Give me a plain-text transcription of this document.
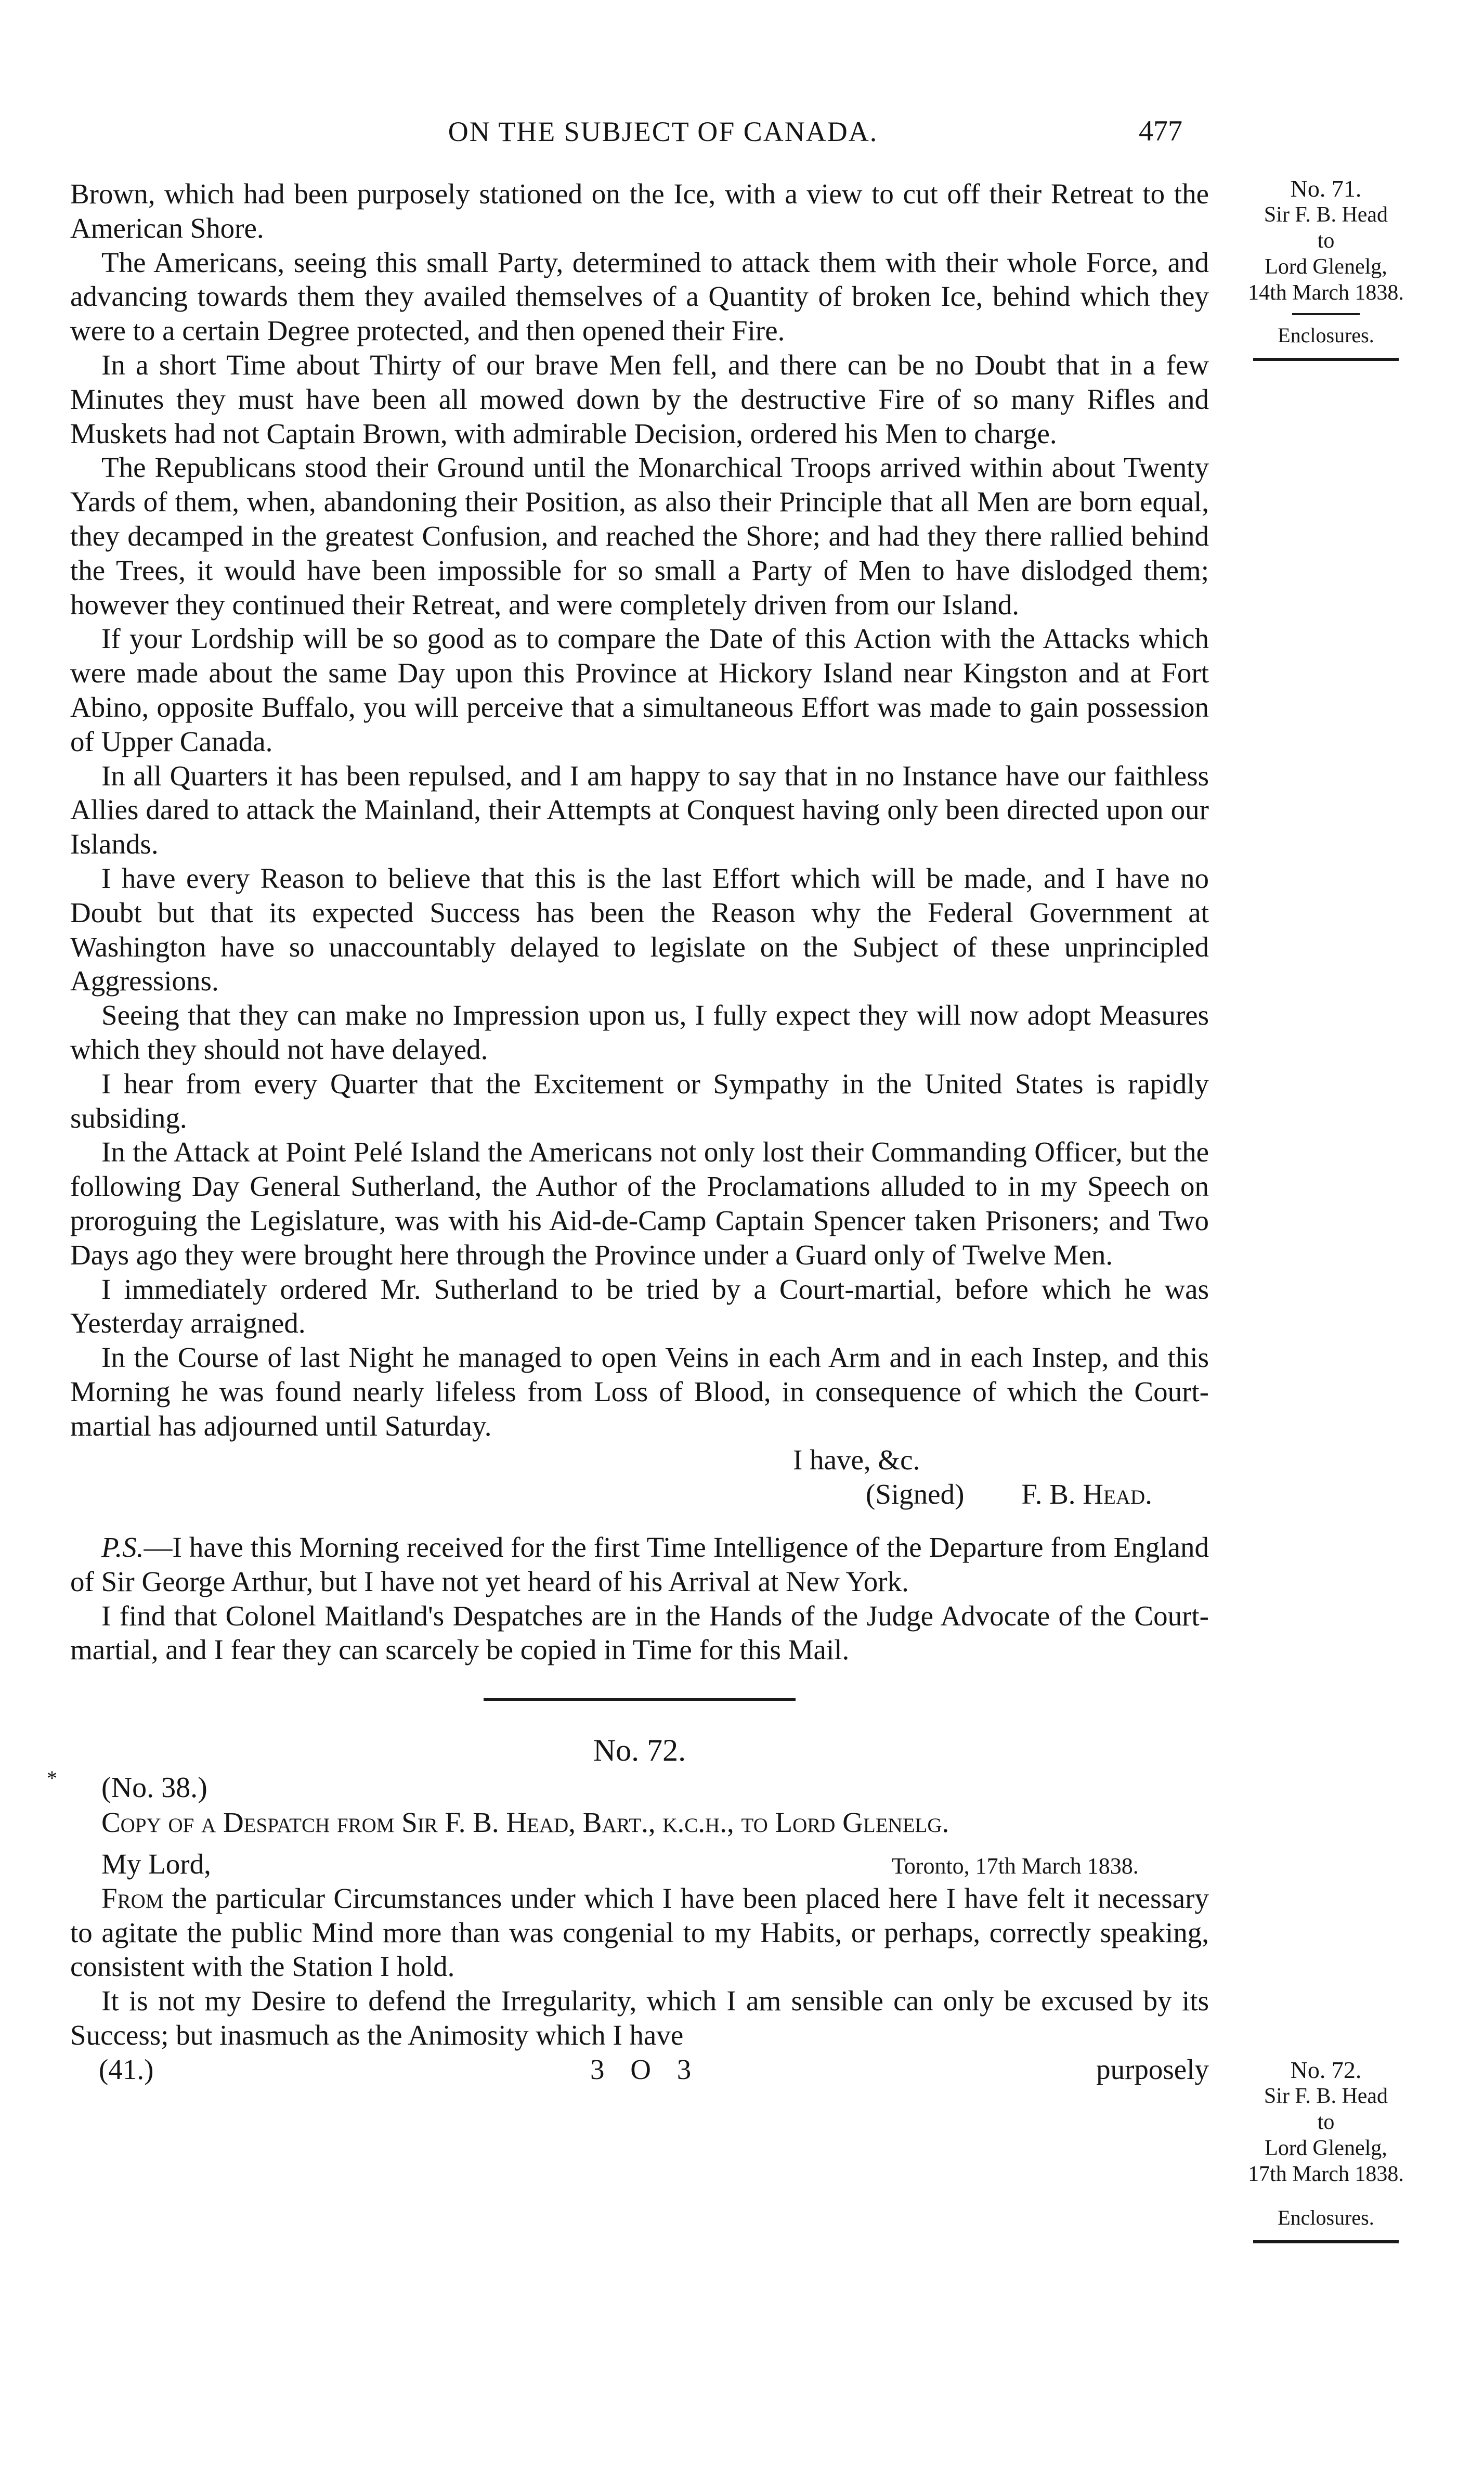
ON THE SUBJECT OF CANADA.	477
No. 71.
Sir F. B. Head
to
Lord Glenelg,
14th March 1838.
Enclosures.
No. 72.
Sir F. B. Head
to
Lord Glenelg,
17th March 1838.
Enclosures.
*

Brown, which had been purposely stationed on the Ice, with a view to cut off their Retreat to the American Shore.

The Americans, seeing this small Party, determined to attack them with their whole Force, and advancing towards them they availed themselves of a Quantity of broken Ice, behind which they were to a certain Degree protected, and then opened their Fire.

In a short Time about Thirty of our brave Men fell, and there can be no Doubt that in a few Minutes they must have been all mowed down by the destructive Fire of so many Rifles and Muskets had not Captain Brown, with admirable Decision, ordered his Men to charge.

The Republicans stood their Ground until the Monarchical Troops arrived within about Twenty Yards of them, when, abandoning their Position, as also their Principle that all Men are born equal, they decamped in the greatest Confusion, and reached the Shore; and had they there rallied behind the Trees, it would have been impossible for so small a Party of Men to have dislodged them; however they continued their Retreat, and were completely driven from our Island.

If your Lordship will be so good as to compare the Date of this Action with the Attacks which were made about the same Day upon this Province at Hickory Island near Kingston and at Fort Abino, opposite Buffalo, you will perceive that a simultaneous Effort was made to gain possession of Upper Canada.

In all Quarters it has been repulsed, and I am happy to say that in no Instance have our faithless Allies dared to attack the Mainland, their Attempts at Conquest having only been directed upon our Islands.

I have every Reason to believe that this is the last Effort which will be made, and I have no Doubt but that its expected Success has been the Reason why the Federal Government at Washington have so unaccountably delayed to legislate on the Subject of these unprincipled Aggressions.

Seeing that they can make no Impression upon us, I fully expect they will now adopt Measures which they should not have delayed.

I hear from every Quarter that the Excitement or Sympathy in the United States is rapidly subsiding.

In the Attack at Point Pelé Island the Americans not only lost their Commanding Officer, but the following Day General Sutherland, the Author of the Proclamations alluded to in my Speech on proroguing the Legislature, was with his Aid-de-Camp Captain Spencer taken Prisoners; and Two Days ago they were brought here through the Province under a Guard only of Twelve Men.

I immediately ordered Mr. Sutherland to be tried by a Court-martial, before which he was Yesterday arraigned.

In the Course of last Night he managed to open Veins in each Arm and in each Instep, and this Morning he was found nearly lifeless from Loss of Blood, in consequence of which the Court-martial has adjourned until Saturday.

I have, &c.

(Signed) F. B. Head.

P.S.—I have this Morning received for the first Time Intelligence of the Departure from England of Sir George Arthur, but I have not yet heard of his Arrival at New York.

I find that Colonel Maitland's Despatches are in the Hands of the Judge Advocate of the Court-martial, and I fear they can scarcely be copied in Time for this Mail.

No. 72.

(No. 38.)

Copy of a Despatch from Sir F. B. Head, Bart., k.c.h., to Lord Glenelg.

My Lord,	Toronto, 17th March 1838.

From the particular Circumstances under which I have been placed here I have felt it necessary to agitate the public Mind more than was congenial to my Habits, or perhaps, correctly speaking, consistent with the Station I hold.

It is not my Desire to defend the Irregularity, which I am sensible can only be excused by its Success; but inasmuch as the Animosity which I have

(41.)	3 O 3	purposely
